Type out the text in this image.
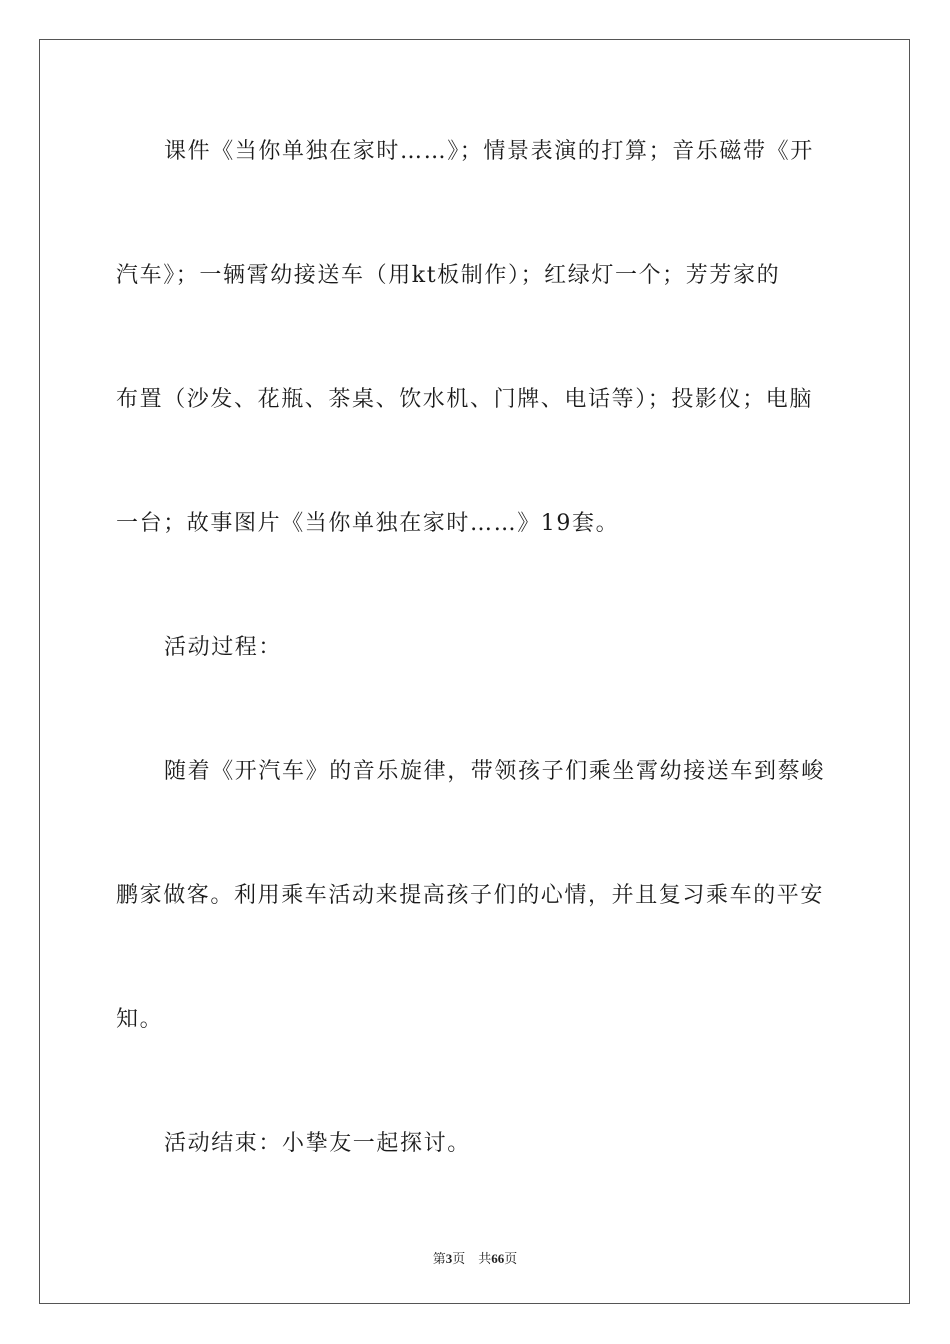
课件《当你单独在家时……》；情景表演的打算；音乐磁带《开

汽车》；一辆霄幼接送车（用kt板制作）；红绿灯一个；芳芳家的

布置（沙发、花瓶、茶桌、饮水机、门牌、电话等）；投影仪；电脑

一台；故事图片《当你单独在家时……》19套。

活动过程：

随着《开汽车》的音乐旋律，带领孩子们乘坐霄幼接送车到蔡峻

鹏家做客。利用乘车活动来提高孩子们的心情，并且复习乘车的平安

知。

活动结束：小挚友一起探讨。

第3页 共66页
